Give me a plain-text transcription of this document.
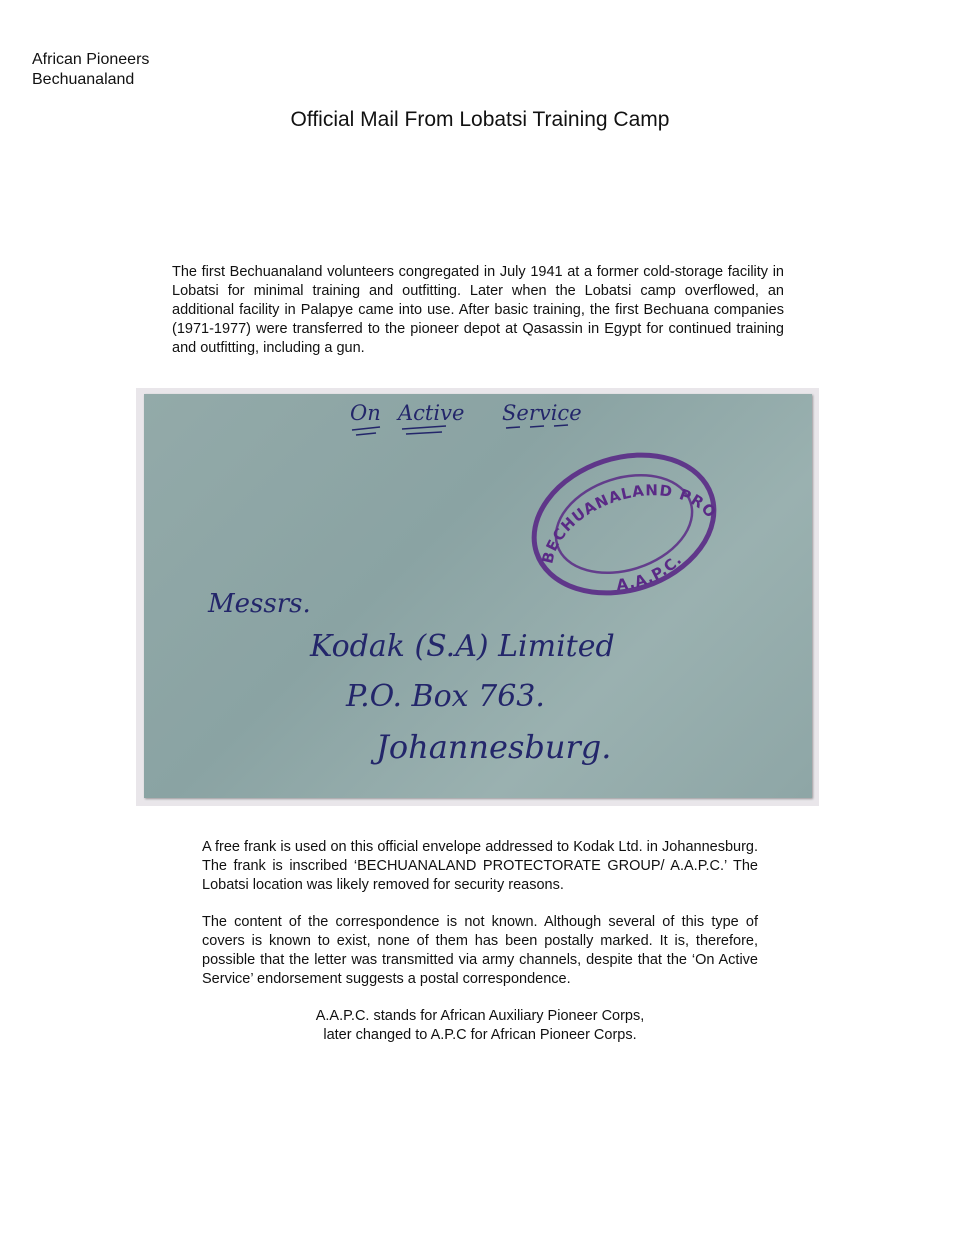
African Pioneers
Bechuanaland
Official Mail From Lobatsi Training Camp

The first Bechuanaland volunteers congregated in July 1941 at a former cold-storage facility in Lobatsi for minimal training and outfitting. Later when the Lobatsi camp overflowed, an additional facility in Palapye came into use. After basic training, the first Bechuana companies (1971-1977) were transferred to the pioneer depot at Qasassin in Egypt for continued training and outfitting, including a gun.

On Active Service
BECHUANALAND PROTECTORATE
A.A.P.C.
Messrs.
Kodak (S.A) Limited
P.O. Box 763.
Johannesburg.

A free frank is used on this official envelope addressed to Kodak Ltd. in Johannesburg. The frank is inscribed ‘BECHUANALAND PROTECTORATE GROUP/ A.A.P.C.’ The Lobatsi location was likely removed for security reasons.

The content of the correspondence is not known. Although several of this type of covers is known to exist, none of them has been postally marked. It is, therefore, possible that the letter was transmitted via army channels, despite that the ‘On Active Service’ endorsement suggests a postal correspondence.

A.A.P.C. stands for African Auxiliary Pioneer Corps,
later changed to A.P.C for African Pioneer Corps.
